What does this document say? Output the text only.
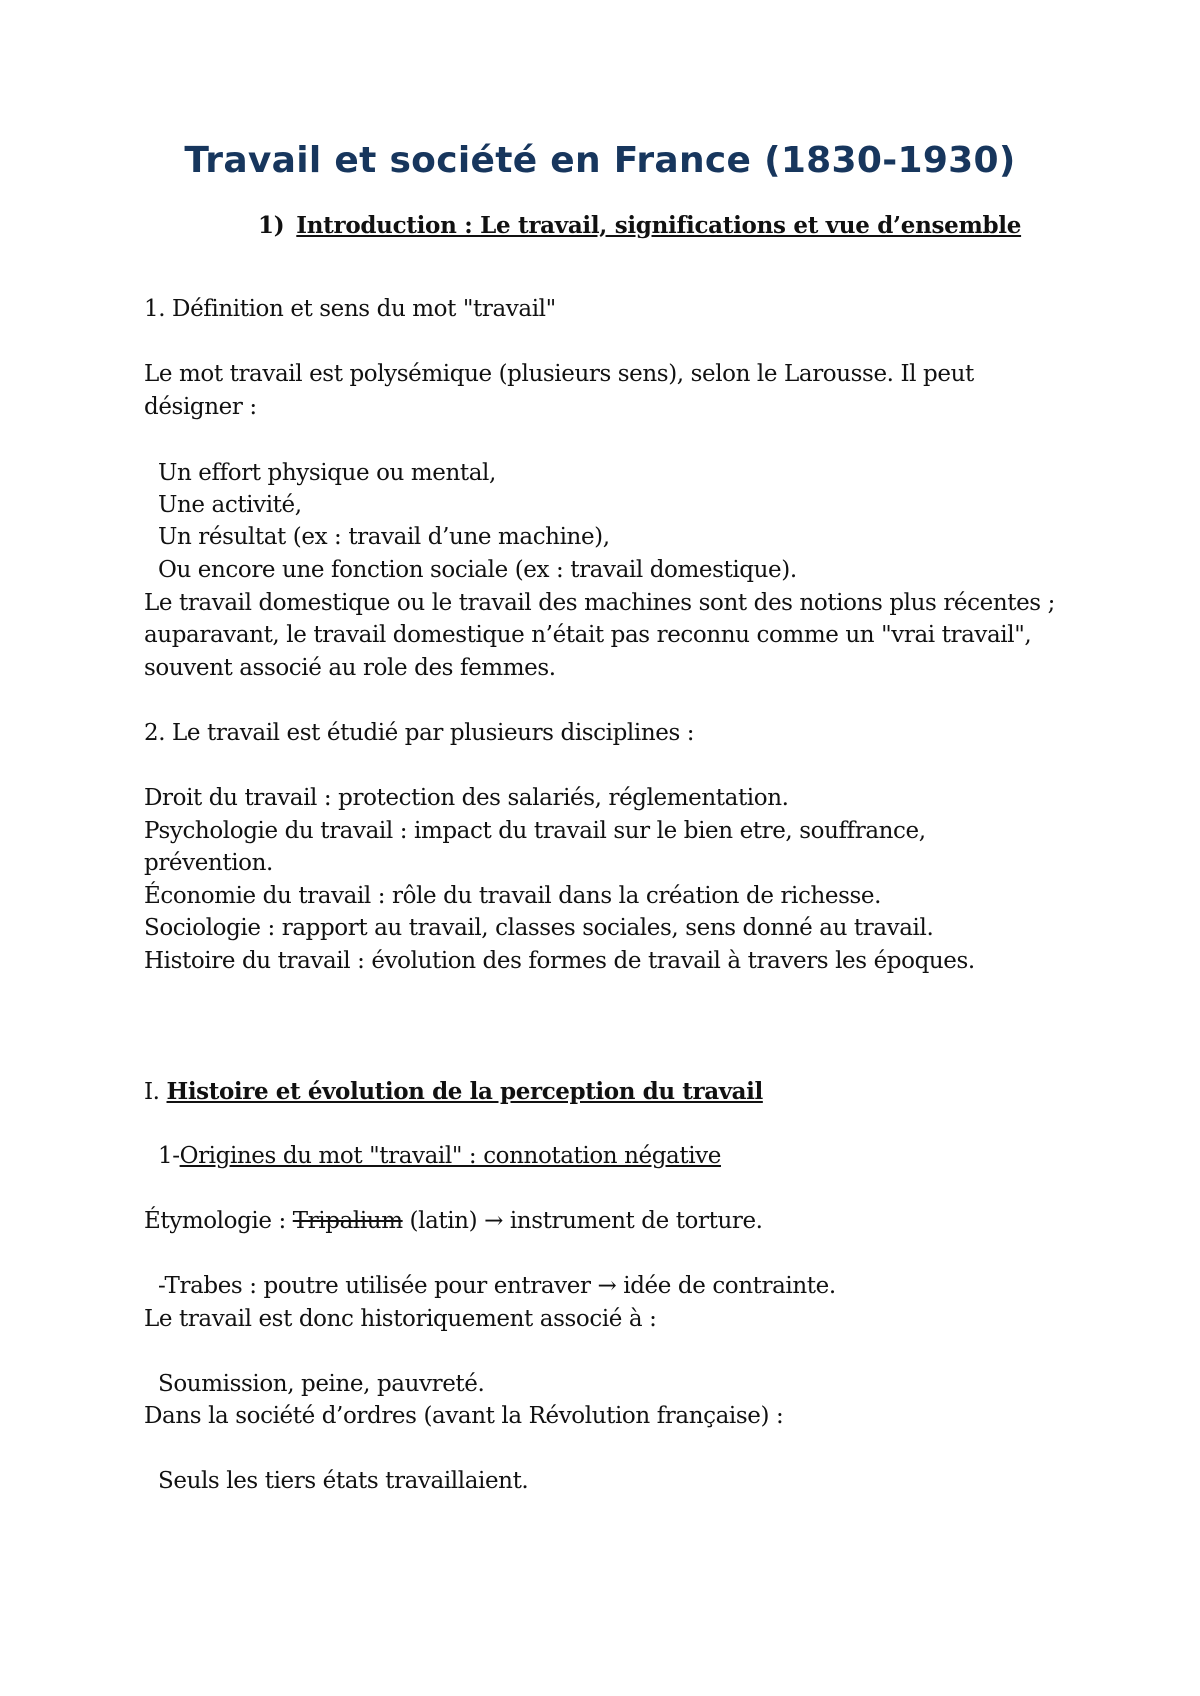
Travail et société en France (1830-1930)
1) Introduction : Le travail, significations et vue d’ensemble
1. Définition et sens du mot "travail"
Le mot travail est polysémique (plusieurs sens), selon le Larousse. Il peut
désigner :
Un effort physique ou mental,
Une activité,
Un résultat (ex : travail d’une machine),
Ou encore une fonction sociale (ex : travail domestique).
Le travail domestique ou le travail des machines sont des notions plus récentes ;
auparavant, le travail domestique n’était pas reconnu comme un "vrai travail",
souvent associé au role des femmes.
2. Le travail est étudié par plusieurs disciplines :
Droit du travail : protection des salariés, réglementation.
Psychologie du travail : impact du travail sur le bien etre, souffrance,
prévention.
Économie du travail : rôle du travail dans la création de richesse.
Sociologie : rapport au travail, classes sociales, sens donné au travail.
Histoire du travail : évolution des formes de travail à travers les époques.
I. Histoire et évolution de la perception du travail
1-Origines du mot "travail" : connotation négative
Étymologie : Tripalium (latin) → instrument de torture.
-Trabes : poutre utilisée pour entraver → idée de contrainte.
Le travail est donc historiquement associé à :
Soumission, peine, pauvreté.
Dans la société d’ordres (avant la Révolution française) :
Seuls les tiers états travaillaient.
